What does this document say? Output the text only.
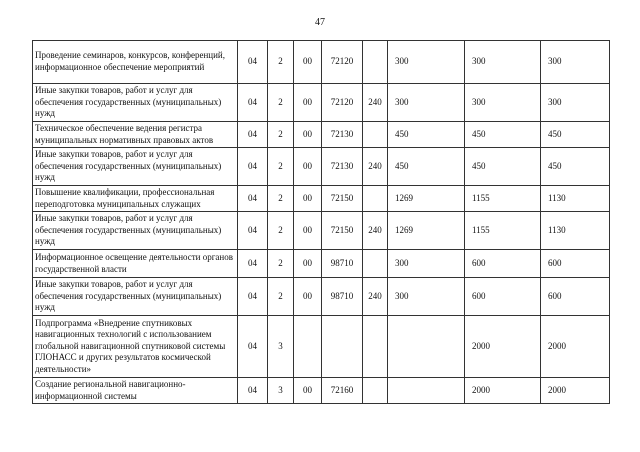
47
Проведение семинаров, конкурсов, конференций, информационное обеспечение мероприятий	04	2	00	72120		300	300	300
Иные закупки товаров, работ и услуг для обеспечения государственных (муниципальных) нужд	04	2	00	72120	240	300	300	300
Техническое обеспечение ведения регистра муниципальных нормативных правовых актов	04	2	00	72130		450	450	450
Иные закупки товаров, работ и услуг для обеспечения государственных (муниципальных) нужд	04	2	00	72130	240	450	450	450
Повышение квалификации, профессиональная переподготовка муниципальных служащих	04	2	00	72150		1269	1155	1130
Иные закупки товаров, работ и услуг для обеспечения государственных (муниципальных) нужд	04	2	00	72150	240	1269	1155	1130
Информационное освещение деятельности органов государственной власти	04	2	00	98710		300	600	600
Иные закупки товаров, работ и услуг для обеспечения государственных (муниципальных) нужд	04	2	00	98710	240	300	600	600
Подпрограмма «Внедрение спутниковых навигационных технологий с использованием глобальной навигационной спутниковой системы ГЛОНАСС и других результатов космической деятельности»	04	3					2000	2000
Создание региональной навигационно-информационной системы	04	3	00	72160			2000	2000
